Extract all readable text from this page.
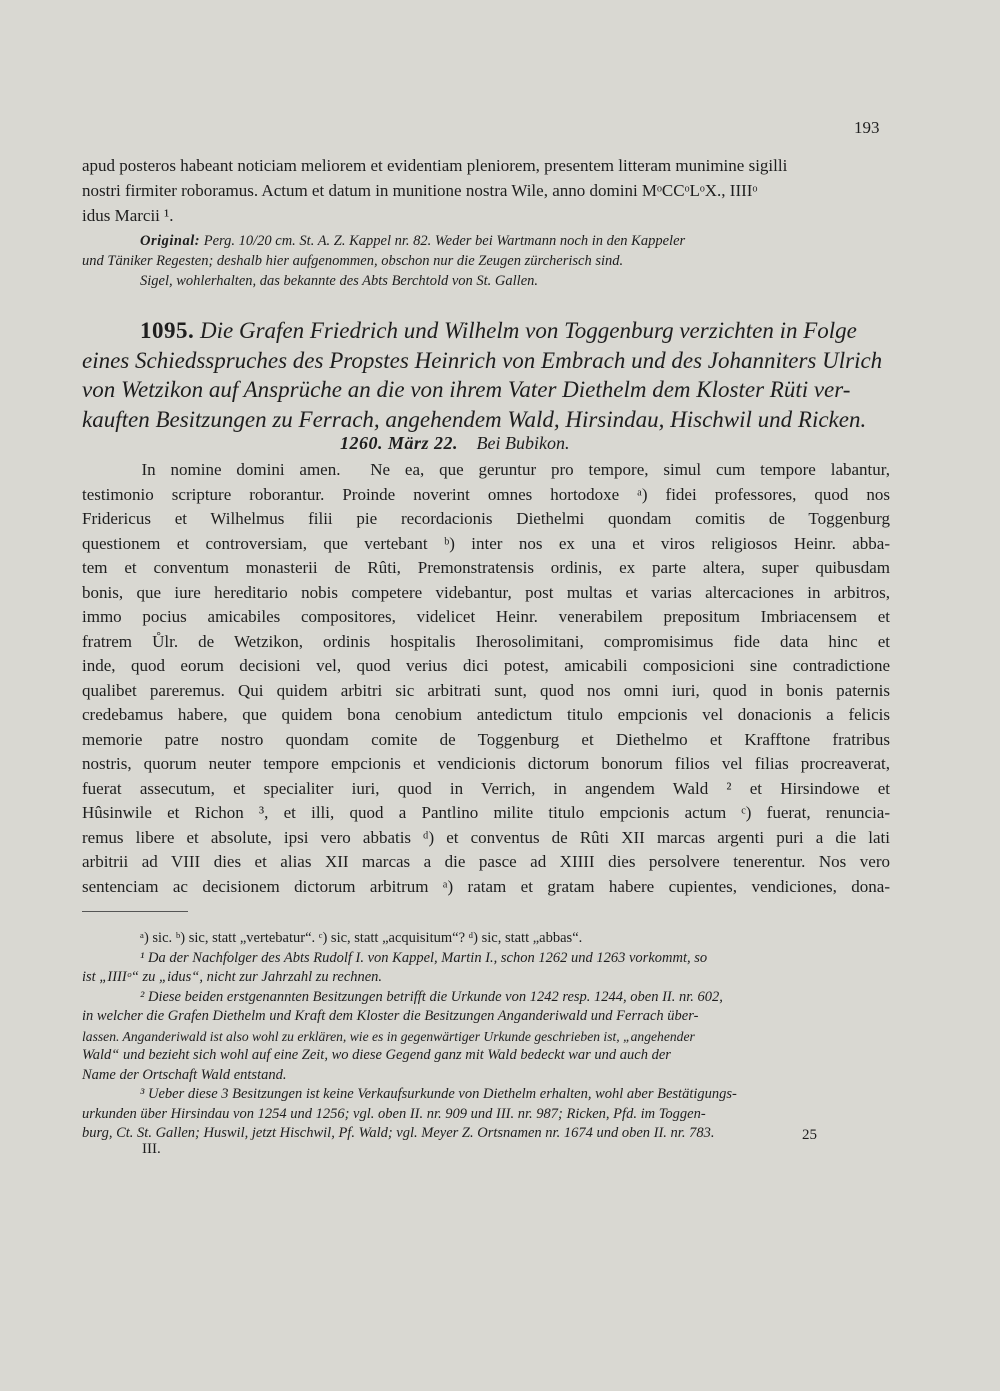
193
apud posteros habeant noticiam meliorem et evidentiam pleniorem, presentem litteram munimine sigilli
nostri firmiter roboramus. Actum et datum in munitione nostra Wile, anno domini MᵒCCᵒLᵒX., IIIIᵒ
idus Marcii ¹.
Original: Perg. 10/20 cm. St. A. Z. Kappel nr. 82. Weder bei Wartmann noch in den Kappeler
und Täniker Regesten; deshalb hier aufgenommen, obschon nur die Zeugen zürcherisch sind.
Sigel, wohlerhalten, das bekannte des Abts Berchtold von St. Gallen.
1095. Die Grafen Friedrich und Wilhelm von Toggenburg verzichten in Folge
eines Schiedsspruches des Propstes Heinrich von Embrach und des Johanniters Ulrich
von Wetzikon auf Ansprüche an die von ihrem Vater Diethelm dem Kloster Rüti ver-
kauften Besitzungen zu Ferrach, angehendem Wald, Hirsindau, Hischwil und Ricken.
1260. März 22. Bei Bubikon.
In nomine domini amen.  Ne ea, que geruntur pro tempore, simul cum tempore labantur,
testimonio scripture roborantur. Proinde noverint omnes hortodoxe ᵃ) fidei professores, quod nos
Fridericus et Wilhelmus filii pie recordacionis Diethelmi quondam comitis de Toggenburg
questionem et controversiam, que vertebant ᵇ) inter nos ex una et viros religiosos Heinr. abba-
tem et conventum monasterii de Rûti, Premonstratensis ordinis, ex parte altera, super quibusdam
bonis, que iure hereditario nobis competere videbantur, post multas et varias altercaciones in arbitros,
immo pocius amicabiles compositores, videlicet Heinr. venerabilem prepositum Imbriacensem et
fratrem Ůlr. de Wetzikon, ordinis hospitalis Iherosolimitani, compromisimus fide data hinc et
inde, quod eorum decisioni vel, quod verius dici potest, amicabili composicioni sine contradictione
qualibet pareremus. Qui quidem arbitri sic arbitrati sunt, quod nos omni iuri, quod in bonis paternis
credebamus habere, que quidem bona cenobium antedictum titulo empcionis vel donacionis a felicis
memorie patre nostro quondam comite de Toggenburg et Diethelmo et Krafftone fratribus
nostris, quorum neuter tempore empcionis et vendicionis dictorum bonorum filios vel filias procreaverat,
fuerat assecutum, et specialiter iuri, quod in Verrich, in angendem Wald ² et Hirsindowe et
Hûsinwile et Richon ³, et illi, quod a Pantlino milite titulo empcionis actum ᶜ) fuerat, renuncia-
remus libere et absolute, ipsi vero abbatis ᵈ) et conventus de Rûti XII marcas argenti puri a die lati
arbitrii ad VIII dies et alias XII marcas a die pasce ad XIIII dies persolvere tenerentur. Nos vero
sentenciam ac decisionem dictorum arbitrum ᵃ) ratam et gratam habere cupientes, vendiciones, dona-
ᵃ) sic. ᵇ) sic, statt „vertebatur“. ᶜ) sic, statt „acquisitum“? ᵈ) sic, statt „abbas“.
¹ Da der Nachfolger des Abts Rudolf I. von Kappel, Martin I., schon 1262 und 1263 vorkommt, so
ist „IIIIᵒ“ zu „idus“, nicht zur Jahrzahl zu rechnen.
² Diese beiden erstgenannten Besitzungen betrifft die Urkunde von 1242 resp. 1244, oben II. nr. 602,
in welcher die Grafen Diethelm und Kraft dem Kloster die Besitzungen Anganderiwald und Ferrach über-
lassen. Anganderiwald ist also wohl zu erklären, wie es in gegenwärtiger Urkunde geschrieben ist, „angehender
Wald“ und bezieht sich wohl auf eine Zeit, wo diese Gegend ganz mit Wald bedeckt war und auch der
Name der Ortschaft Wald entstand.
³ Ueber diese 3 Besitzungen ist keine Verkaufsurkunde von Diethelm erhalten, wohl aber Bestätigungs-
urkunden über Hirsindau von 1254 und 1256; vgl. oben II. nr. 909 und III. nr. 987; Ricken, Pfd. im Toggen-
burg, Ct. St. Gallen; Huswil, jetzt Hischwil, Pf. Wald; vgl. Meyer Z. Ortsnamen nr. 1674 und oben II. nr. 783.	25
III.
